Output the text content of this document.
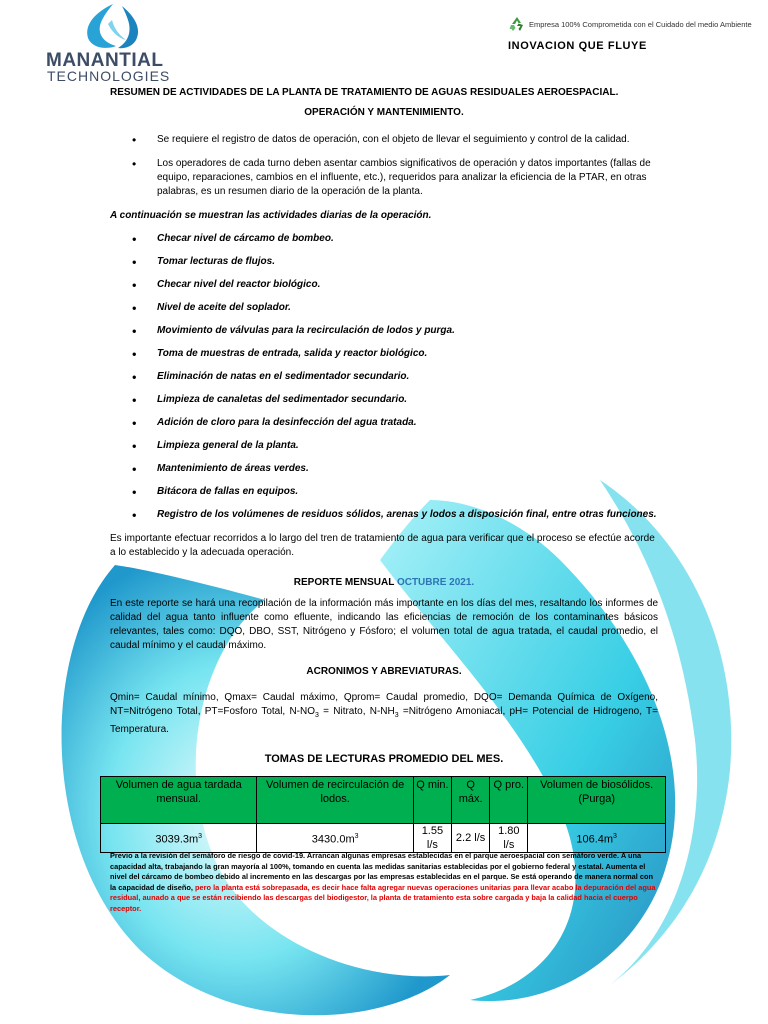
MANANTIAL
TECHNOLOGIES
Empresa 100% Comprometida con el Cuidado del medio Ambiente
INOVACION QUE FLUYE
RESUMEN DE ACTIVIDADES DE LA PLANTA DE TRATAMIENTO DE AGUAS RESIDUALES AEROESPACIAL.
OPERACIÓN Y MANTENIMIENTO.
• Se requiere el registro de datos de operación, con el objeto de llevar el seguimiento y control de la calidad.
• Los operadores de cada turno deben asentar cambios significativos de operación y datos importantes (fallas de equipo, reparaciones, cambios en el influente, etc.), requeridos para analizar la eficiencia de la PTAR, en otras palabras, es un resumen diario de la operación de la planta.
A continuación se muestran las actividades diarias de la operación.
• Checar nivel de cárcamo de bombeo.
• Tomar lecturas de flujos.
• Checar nivel del reactor biológico.
• Nivel de aceite del soplador.
• Movimiento de válvulas para la recirculación de lodos y purga.
• Toma de muestras de entrada, salida y reactor biológico.
• Eliminación de natas en el sedimentador secundario.
• Limpieza de canaletas del sedimentador secundario.
• Adición de cloro para la desinfección del agua tratada.
• Limpieza general de la planta.
• Mantenimiento de áreas verdes.
• Bitácora de fallas en equipos.
• Registro de los volúmenes de residuos sólidos, arenas y lodos a disposición final, entre otras funciones.
Es importante efectuar recorridos a lo largo del tren de tratamiento de agua para verificar que el proceso se efectúe acorde a lo establecido y la adecuada operación.
REPORTE MENSUAL OCTUBRE 2021.
En este reporte se hará una recopilación de la información más importante en los días del mes, resaltando los informes de calidad del agua tanto influente como efluente, indicando las eficiencias de remoción de los contaminantes básicos relevantes, tales como: DQO, DBO, SST, Nitrógeno y Fósforo; el volumen total de agua tratada, el caudal promedio, el caudal mínimo y el caudal máximo.
ACRONIMOS Y ABREVIATURAS.
Qmin= Caudal mínimo, Qmax= Caudal máximo, Qprom= Caudal promedio, DQO= Demanda Química de Oxígeno, NT=Nitrógeno Total, PT=Fosforo Total, $N-NO_3$ = Nitrato, $N-NH_3$ =Nitrógeno Amoniacal, pH= Potencial de Hidrogeno, T= Temperatura.
TOMAS DE LECTURAS PROMEDIO DEL MES.
Volumen de agua tardada mensual.	Volumen de recirculación de lodos.	Q min.	Q máx.	Q pro.	Volumen de biosólidos.(Purga)
$3039.3m^3$	$3430.0m^3$	1.55 l/s	2.2 l/s	1.80 l/s	$106.4m^3$
Previo a la revisión del semáforo de riesgo de covid-19. Arrancan algunas empresas establecidas en el parque aeroespacial con semáforo verde. A una capacidad alta, trabajando la gran mayoría al 100%, tomando en cuenta las medidas sanitarias establecidas por el gobierno federal y estatal. Aumenta el nivel del cárcamo de bombeo debido al incremento en las descargas por las empresas establecidas en el parque. Se está operando de manera normal con la capacidad de diseño, pero la planta está sobrepasada, es decir hace falta agregar nuevas operaciones unitarias para llevar acabo la depuración del agua residual, aunado a que se están recibiendo las descargas del biodigestor, la planta de tratamiento esta sobre cargada y baja la calidad hacia el cuerpo receptor.
